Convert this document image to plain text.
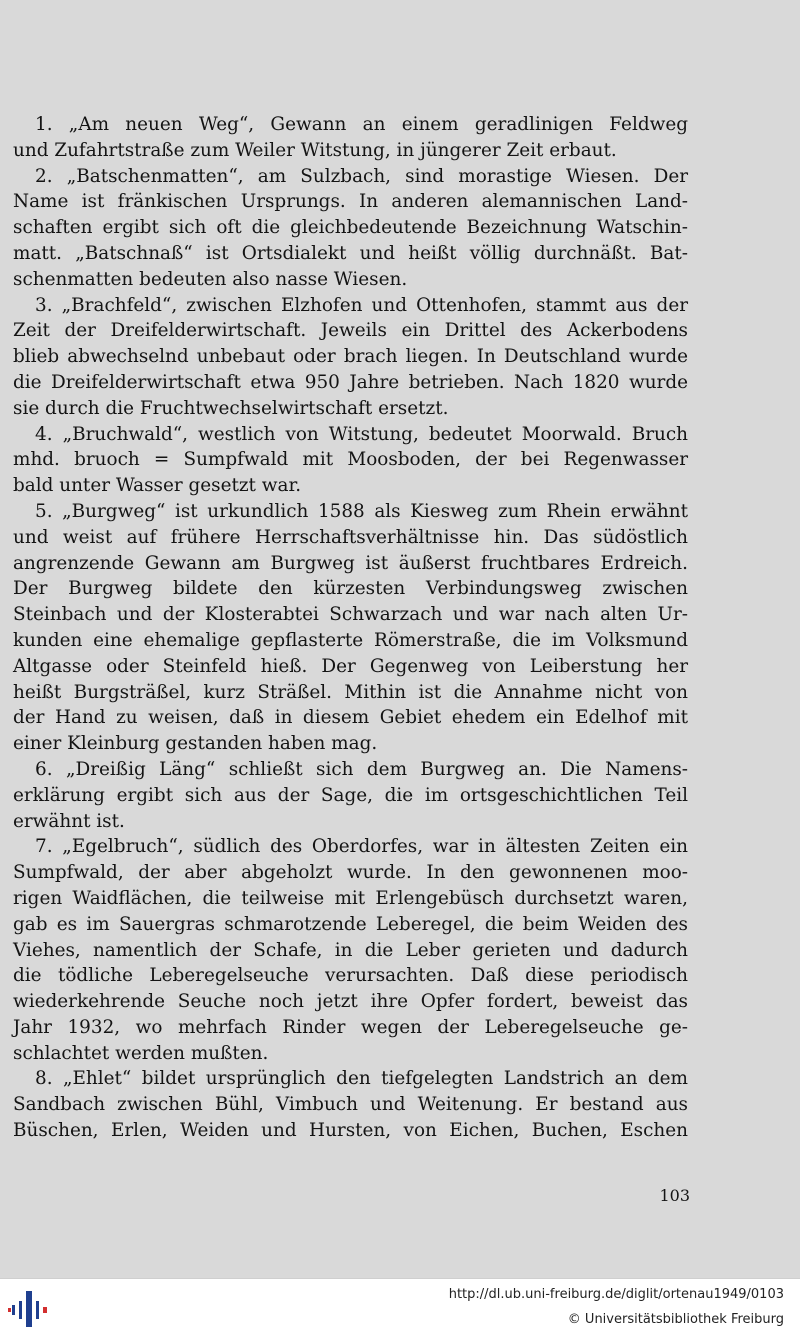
1. „Am neuen Weg“, Gewann an einem geradlinigen Feldweg
und Zufahrtstraße zum Weiler Witstung, in jüngerer Zeit erbaut.
2. „Batschenmatten“, am Sulzbach, sind morastige Wiesen. Der
Name ist fränkischen Ursprungs. In anderen alemannischen Land-
schaften ergibt sich oft die gleichbedeutende Bezeichnung Watschin-
matt. „Batschnaß“ ist Ortsdialekt und heißt völlig durchnäßt. Bat-
schenmatten bedeuten also nasse Wiesen.
3. „Brachfeld“, zwischen Elzhofen und Ottenhofen, stammt aus der
Zeit der Dreifelderwirtschaft. Jeweils ein Drittel des Ackerbodens
blieb abwechselnd unbebaut oder brach liegen. In Deutschland wurde
die Dreifelderwirtschaft etwa 950 Jahre betrieben. Nach 1820 wurde
sie durch die Fruchtwechselwirtschaft ersetzt.
4. „Bruchwald“, westlich von Witstung, bedeutet Moorwald. Bruch
mhd. bruoch = Sumpfwald mit Moosboden, der bei Regenwasser
bald unter Wasser gesetzt war.
5. „Burgweg“ ist urkundlich 1588 als Kiesweg zum Rhein erwähnt
und weist auf frühere Herrschaftsverhältnisse hin. Das südöstlich
angrenzende Gewann am Burgweg ist äußerst fruchtbares Erdreich.
Der Burgweg bildete den kürzesten Verbindungsweg zwischen
Steinbach und der Klosterabtei Schwarzach und war nach alten Ur-
kunden eine ehemalige gepflasterte Römerstraße, die im Volksmund
Altgasse oder Steinfeld hieß. Der Gegenweg von Leiberstung her
heißt Burgsträßel, kurz Sträßel. Mithin ist die Annahme nicht von
der Hand zu weisen, daß in diesem Gebiet ehedem ein Edelhof mit
einer Kleinburg gestanden haben mag.
6. „Dreißig Läng“ schließt sich dem Burgweg an. Die Namens-
erklärung ergibt sich aus der Sage, die im ortsgeschichtlichen Teil
erwähnt ist.
7. „Egelbruch“, südlich des Oberdorfes, war in ältesten Zeiten ein
Sumpfwald, der aber abgeholzt wurde. In den gewonnenen moo-
rigen Waidflächen, die teilweise mit Erlengebüsch durchsetzt waren,
gab es im Sauergras schmarotzende Leberegel, die beim Weiden des
Viehes, namentlich der Schafe, in die Leber gerieten und dadurch
die tödliche Leberegelseuche verursachten. Daß diese periodisch
wiederkehrende Seuche noch jetzt ihre Opfer fordert, beweist das
Jahr 1932, wo mehrfach Rinder wegen der Leberegelseuche ge-
schlachtet werden mußten.
8. „Ehlet“ bildet ursprünglich den tiefgelegten Landstrich an dem
Sandbach zwischen Bühl, Vimbuch und Weitenung. Er bestand aus
Büschen, Erlen, Weiden und Hursten, von Eichen, Buchen, Eschen
103
http://dl.ub.uni-freiburg.de/diglit/ortenau1949/0103
© Universitätsbibliothek Freiburg
